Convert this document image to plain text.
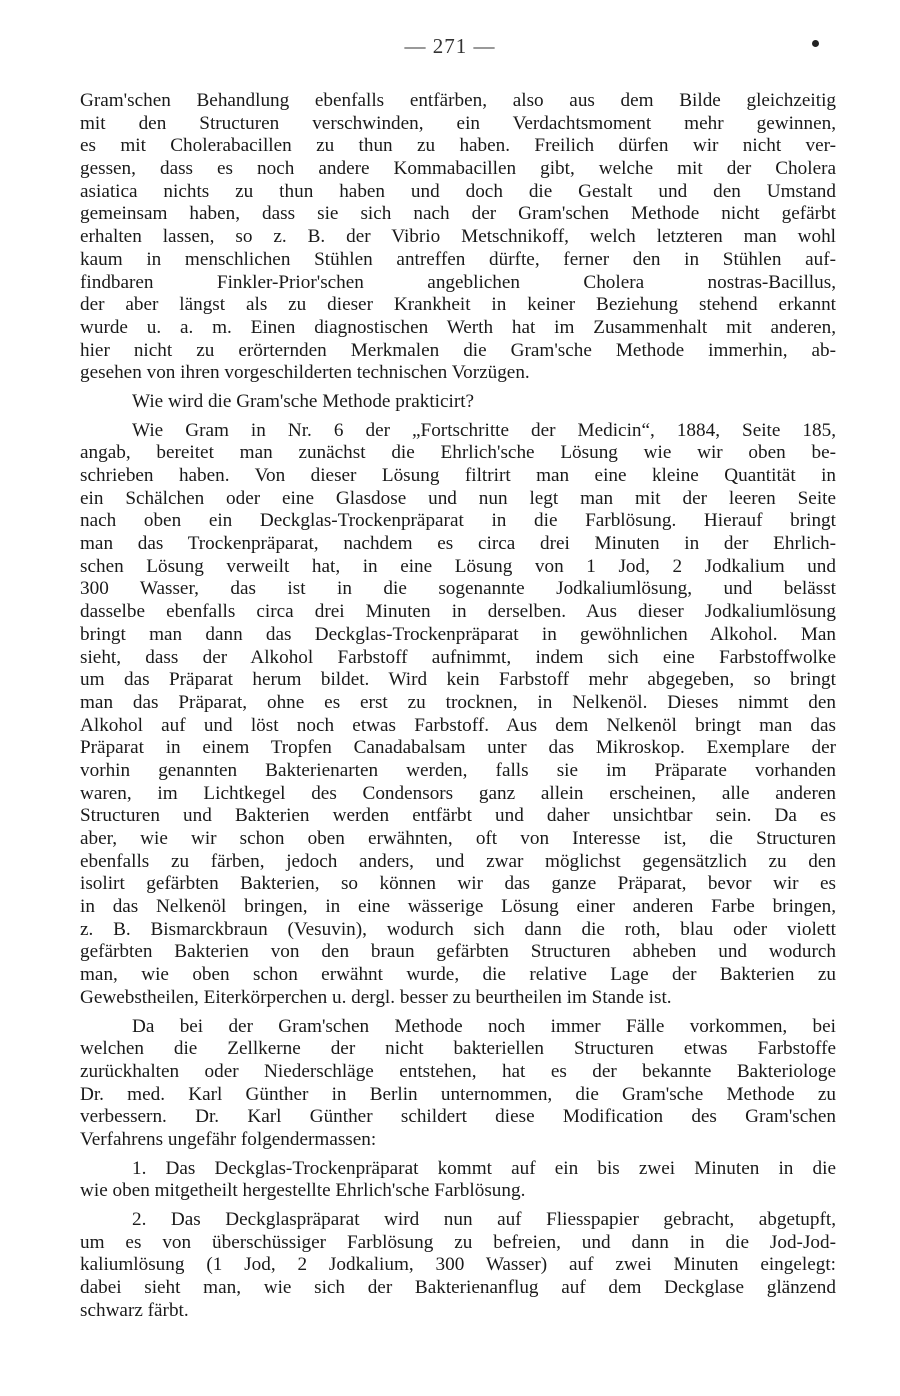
— 271 —
Gram'schen Behandlung ebenfalls entfärben, also aus dem Bilde gleichzeitig
mit den Structuren verschwinden, ein Verdachtsmoment mehr gewinnen,
es mit Cholerabacillen zu thun zu haben. Freilich dürfen wir nicht ver-
gessen, dass es noch andere Kommabacillen gibt, welche mit der Cholera
asiatica nichts zu thun haben und doch die Gestalt und den Umstand
gemeinsam haben, dass sie sich nach der Gram'schen Methode nicht gefärbt
erhalten lassen, so z. B. der Vibrio Metschnikoff, welch letzteren man wohl
kaum in menschlichen Stühlen antreffen dürfte, ferner den in Stühlen auf-
findbaren Finkler-Prior'schen angeblichen Cholera nostras-Bacillus,
der aber längst als zu dieser Krankheit in keiner Beziehung stehend erkannt
wurde u. a. m. Einen diagnostischen Werth hat im Zusammenhalt mit anderen,
hier nicht zu erörternden Merkmalen die Gram'sche Methode immerhin, ab-
gesehen von ihren vorgeschilderten technischen Vorzügen.
Wie wird die Gram'sche Methode prakticirt?
Wie Gram in Nr. 6 der „Fortschritte der Medicin“, 1884, Seite 185,
angab, bereitet man zunächst die Ehrlich'sche Lösung wie wir oben be-
schrieben haben. Von dieser Lösung filtrirt man eine kleine Quantität in
ein Schälchen oder eine Glasdose und nun legt man mit der leeren Seite
nach oben ein Deckglas-Trockenpräparat in die Farblösung. Hierauf bringt
man das Trockenpräparat, nachdem es circa drei Minuten in der Ehrlich-
schen Lösung verweilt hat, in eine Lösung von 1 Jod, 2 Jodkalium und
300 Wasser, das ist in die sogenannte Jodkaliumlösung, und belässt
dasselbe ebenfalls circa drei Minuten in derselben. Aus dieser Jodkaliumlösung
bringt man dann das Deckglas-Trockenpräparat in gewöhnlichen Alkohol. Man
sieht, dass der Alkohol Farbstoff aufnimmt, indem sich eine Farbstoffwolke
um das Präparat herum bildet. Wird kein Farbstoff mehr abgegeben, so bringt
man das Präparat, ohne es erst zu trocknen, in Nelkenöl. Dieses nimmt den
Alkohol auf und löst noch etwas Farbstoff. Aus dem Nelkenöl bringt man das
Präparat in einem Tropfen Canadabalsam unter das Mikroskop. Exemplare der
vorhin genannten Bakterienarten werden, falls sie im Präparate vorhanden
waren, im Lichtkegel des Condensors ganz allein erscheinen, alle anderen
Structuren und Bakterien werden entfärbt und daher unsichtbar sein. Da es
aber, wie wir schon oben erwähnten, oft von Interesse ist, die Structuren
ebenfalls zu färben, jedoch anders, und zwar möglichst gegensätzlich zu den
isolirt gefärbten Bakterien, so können wir das ganze Präparat, bevor wir es
in das Nelkenöl bringen, in eine wässerige Lösung einer anderen Farbe bringen,
z. B. Bismarckbraun (Vesuvin), wodurch sich dann die roth, blau oder violett
gefärbten Bakterien von den braun gefärbten Structuren abheben und wodurch
man, wie oben schon erwähnt wurde, die relative Lage der Bakterien zu
Gewebstheilen, Eiterkörperchen u. dergl. besser zu beurtheilen im Stande ist.
Da bei der Gram'schen Methode noch immer Fälle vorkommen, bei
welchen die Zellkerne der nicht bakteriellen Structuren etwas Farbstoffe
zurückhalten oder Niederschläge entstehen, hat es der bekannte Bakteriologe
Dr. med. Karl Günther in Berlin unternommen, die Gram'sche Methode zu
verbessern. Dr. Karl Günther schildert diese Modification des Gram'schen
Verfahrens ungefähr folgendermassen:
1. Das Deckglas-Trockenpräparat kommt auf ein bis zwei Minuten in die
wie oben mitgetheilt hergestellte Ehrlich'sche Farblösung.
2. Das Deckglaspräparat wird nun auf Fliesspapier gebracht, abgetupft,
um es von überschüssiger Farblösung zu befreien, und dann in die Jod-Jod-
kaliumlösung (1 Jod, 2 Jodkalium, 300 Wasser) auf zwei Minuten eingelegt:
dabei sieht man, wie sich der Bakterienanflug auf dem Deckglase glänzend
schwarz färbt.
